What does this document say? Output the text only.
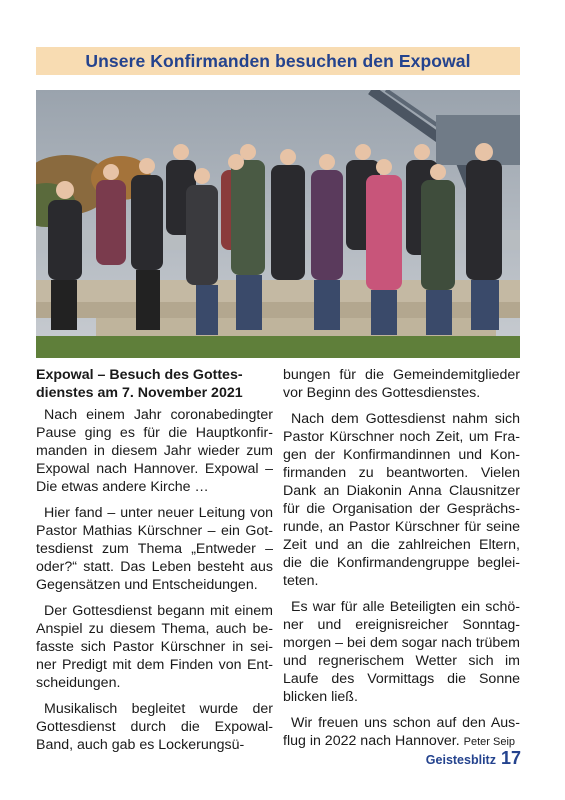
Unsere Konfirmanden besuchen den Expowal
Expowal – Besuch des Gottesdienstes am 7. November 2021

Nach einem Jahr coronabedingter Pause ging es für die Hauptkonfirmanden in diesem Jahr wieder zum Expowal nach Hannover. Expowal – Die etwas andere Kirche …

Hier fand – unter neuer Leitung von Pastor Mathias Kürschner – ein Gottesdienst zum Thema „Entweder – oder?“ statt. Das Leben besteht aus Gegensätzen und Entscheidungen.

Der Gottesdienst begann mit einem Anspiel zu diesem Thema, auch befasste sich Pastor Kürschner in seiner Predigt mit dem Finden von Entscheidungen.

Musikalisch begleitet wurde der Gottesdienst durch die Expowal-Band, auch gab es Lockerungsü-

bungen für die Gemeindemitglieder vor Beginn des Gottesdienstes.

Nach dem Gottesdienst nahm sich Pastor Kürschner noch Zeit, um Fragen der Konfirmandinnen und Konfirmanden zu beantworten. Vielen Dank an Diakonin Anna Clausnitzer für die Organisation der Gesprächsrunde, an Pastor Kürschner für seine Zeit und an die zahlreichen Eltern, die die Konfirmandengruppe begleiteten.

Es war für alle Beteiligten ein schöner und ereignisreicher Sonntagmorgen – bei dem sogar nach trübem und regnerischem Wetter sich im Laufe des Vormittags die Sonne blicken ließ.

Wir freuen uns schon auf den Ausflug in 2022 nach Hannover. Peter Seip

Geistesblitz 17
